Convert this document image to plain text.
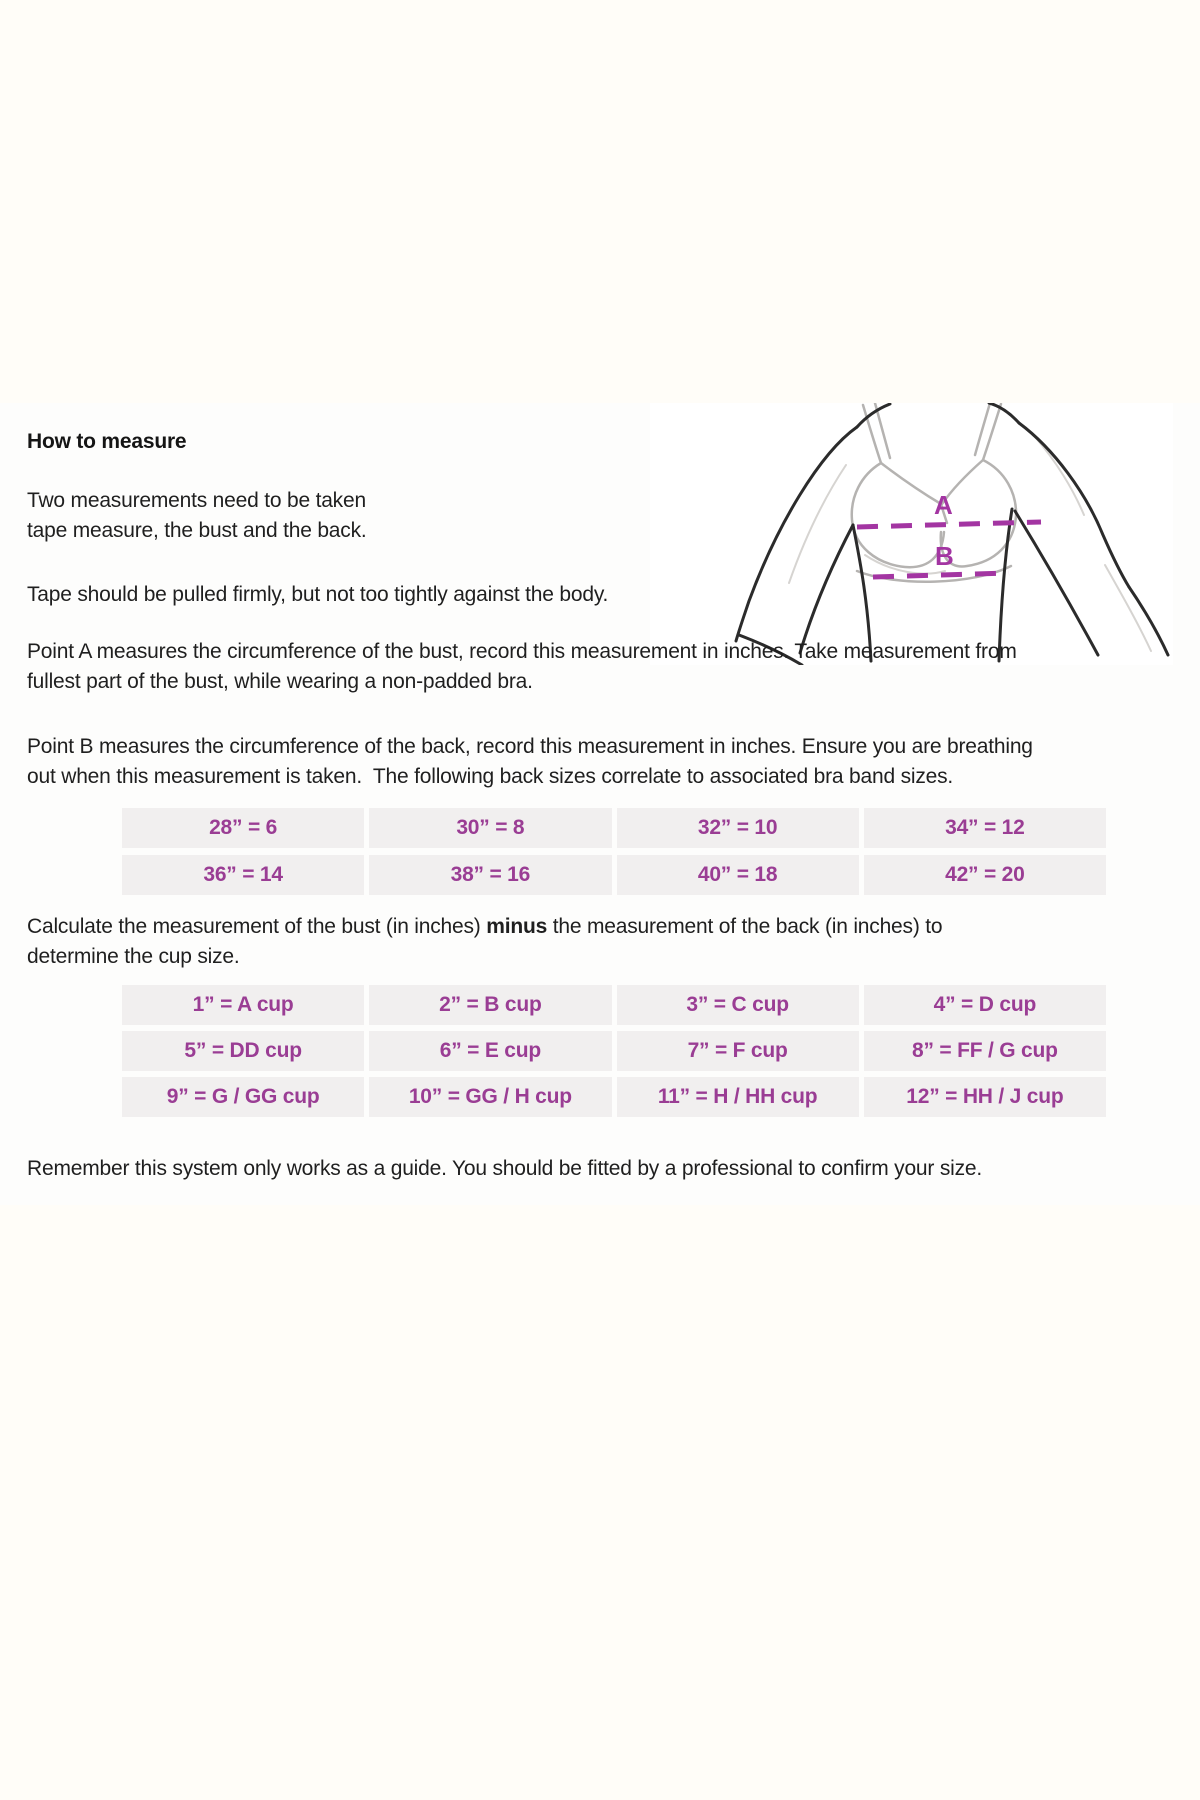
A
B
How to measure
Two measurements need to be taken
tape measure, the bust and the back.
Tape should be pulled firmly, but not too tightly against the body.
Point A measures the circumference of the bust, record this measurement in inches. Take measurement from
fullest part of the bust, while wearing a non-padded bra.
Point B measures the circumference of the back, record this measurement in inches. Ensure you are breathing
out when this measurement is taken.  The following back sizes correlate to associated bra band sizes.
28” = 6	30” = 8	32” = 10	34” = 12
36” = 14	38” = 16	40” = 18	42” = 20
Calculate the measurement of the bust (in inches) minus the measurement of the back (in inches) to
determine the cup size.
1” = A cup	2” = B cup	3” = C cup	4” = D cup
5” = DD cup	6” = E cup	7” = F cup	8” = FF / G cup
9” = G / GG cup	10” = GG / H cup	11” = H / HH cup	12” = HH / J cup
Remember this system only works as a guide. You should be fitted by a professional to confirm your size.
